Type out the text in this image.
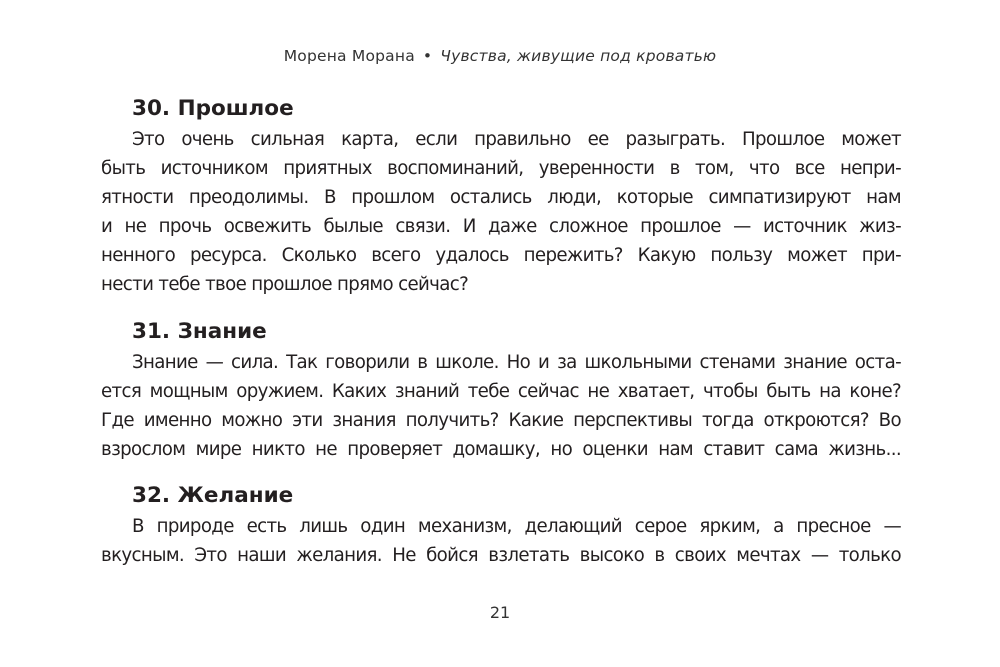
Морена Морана • Чувства, живущие под кроватью
30. Прошлое
Это очень сильная карта, если правильно ее разыграть. Прошлое может
быть источником приятных воспоминаний, уверенности в том, что все непри-
ятности преодолимы. В прошлом остались люди, которые симпатизируют нам
и не прочь освежить былые связи. И даже сложное прошлое — источник жиз-
ненного ресурса. Сколько всего удалось пережить? Какую пользу может при-
нести тебе твое прошлое прямо сейчас?
31. Знание
Знание — сила. Так говорили в школе. Но и за школьными стенами знание оста-
ется мощным оружием. Каких знаний тебе сейчас не хватает, чтобы быть на коне?
Где именно можно эти знания получить? Какие перспективы тогда откроются? Во
взрослом мире никто не проверяет домашку, но оценки нам ставит сама жизнь...
32. Желание
В природе есть лишь один механизм, делающий серое ярким, а пресное —
вкусным. Это наши желания. Не бойся взлетать высоко в своих мечтах — только
21
